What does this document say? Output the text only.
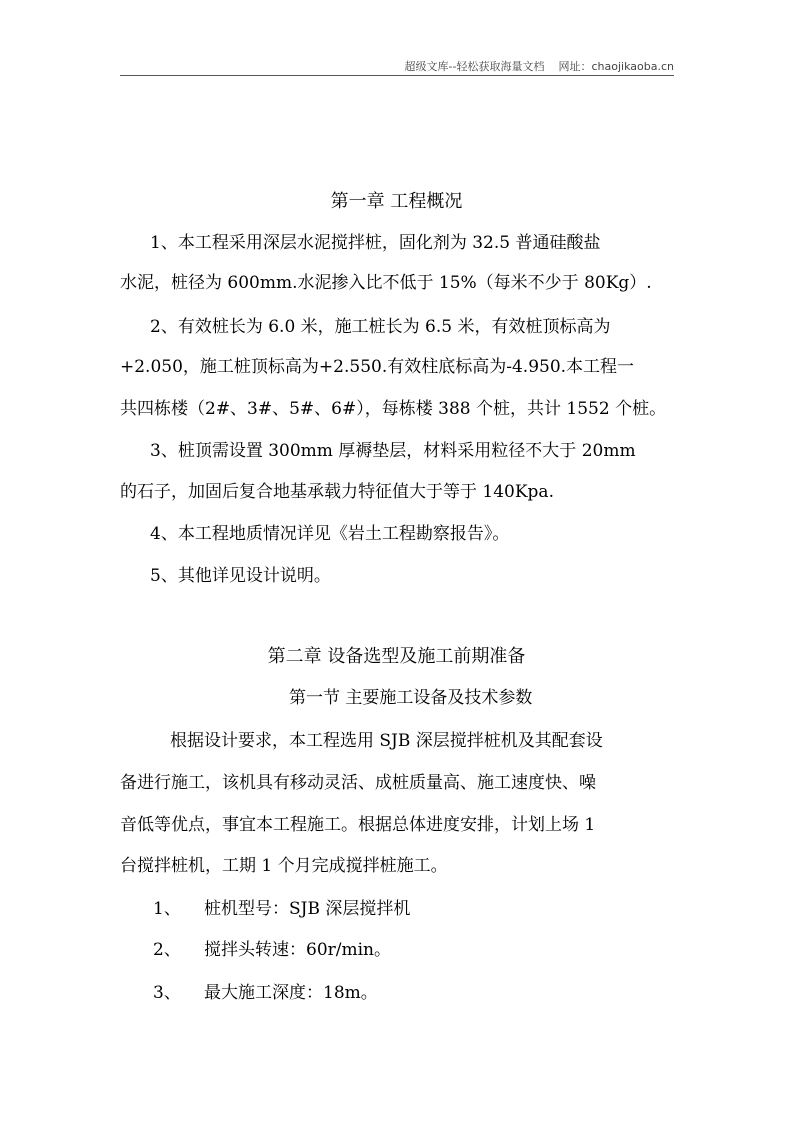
超级文库--轻松获取海量文档 网址：chaojikaoba.cn
第一章 工程概况
1、本工程采用深层水泥搅拌桩，固化剂为 32.5 普通硅酸盐
水泥，桩径为 600mm.水泥掺入比不低于 15%（每米不少于 80Kg）.
2、有效桩长为 6.0 米，施工桩长为 6.5 米，有效桩顶标高为
+2.050，施工桩顶标高为+2.550.有效柱底标高为-4.950.本工程一
共四栋楼（2#、3#、5#、6#），每栋楼 388 个桩，共计 1552 个桩。
3、桩顶需设置 300mm 厚褥垫层，材料采用粒径不大于 20mm
的石子，加固后复合地基承载力特征值大于等于 140Kpa.
4、本工程地质情况详见《岩土工程勘察报告》。
5、其他详见设计说明。
第二章 设备选型及施工前期准备
第一节 主要施工设备及技术参数
根据设计要求，本工程选用 SJB 深层搅拌桩机及其配套设
备进行施工，该机具有移动灵活、成桩质量高、施工速度快、噪
音低等优点，事宜本工程施工。根据总体进度安排，计划上场 1
台搅拌桩机，工期 1 个月完成搅拌桩施工。
1、 桩机型号：SJB 深层搅拌机
2、 搅拌头转速：60r/min。
3、 最大施工深度：18m。
